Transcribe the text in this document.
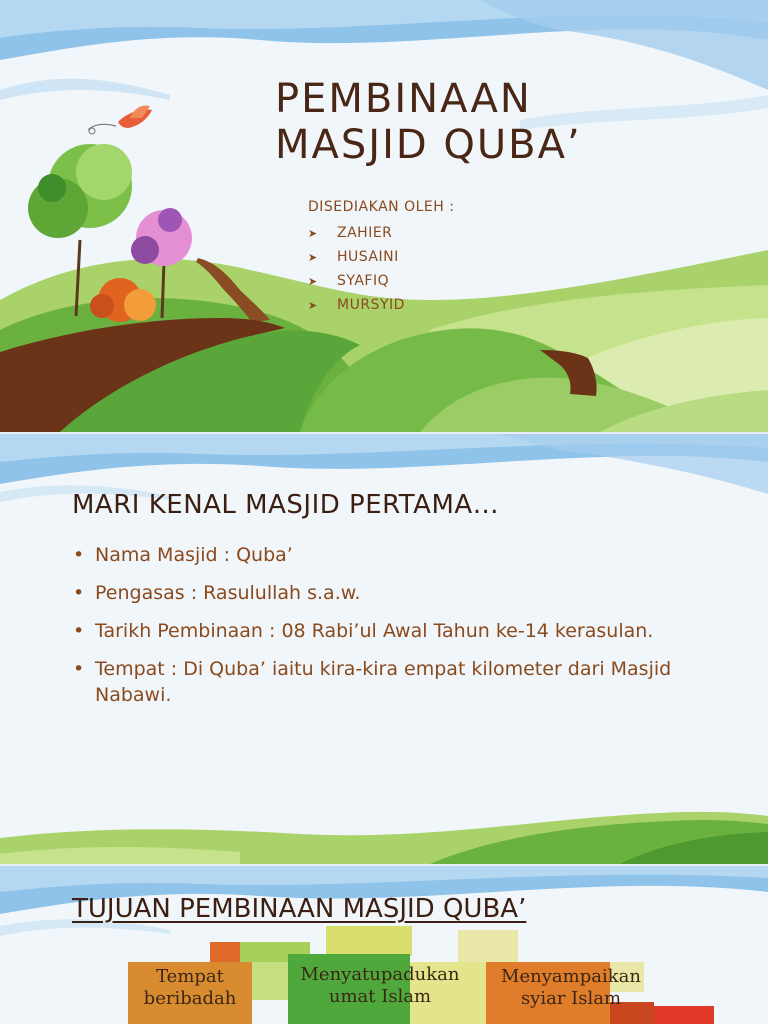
PEMBINAAN
MASJID QUBA’
DISEDIAKAN OLEH :
➤ ZAHIER
➤ HUSAINI
➤ SYAFIQ
➤ MURSYID
MARI KENAL MASJID PERTAMA…
• Nama Masjid : Quba’
• Pengasas : Rasulullah s.a.w.
• Tarikh Pembinaan : 08 Rabi’ul Awal Tahun ke-14 kerasulan.
• Tempat : Di Quba’ iaitu kira-kira empat kilometer dari Masjid Nabawi.
TUJUAN PEMBINAAN MASJID QUBA’
Tempat
beribadah
Menyatupadukan
umat Islam
Menyampaikan
syiar Islam
